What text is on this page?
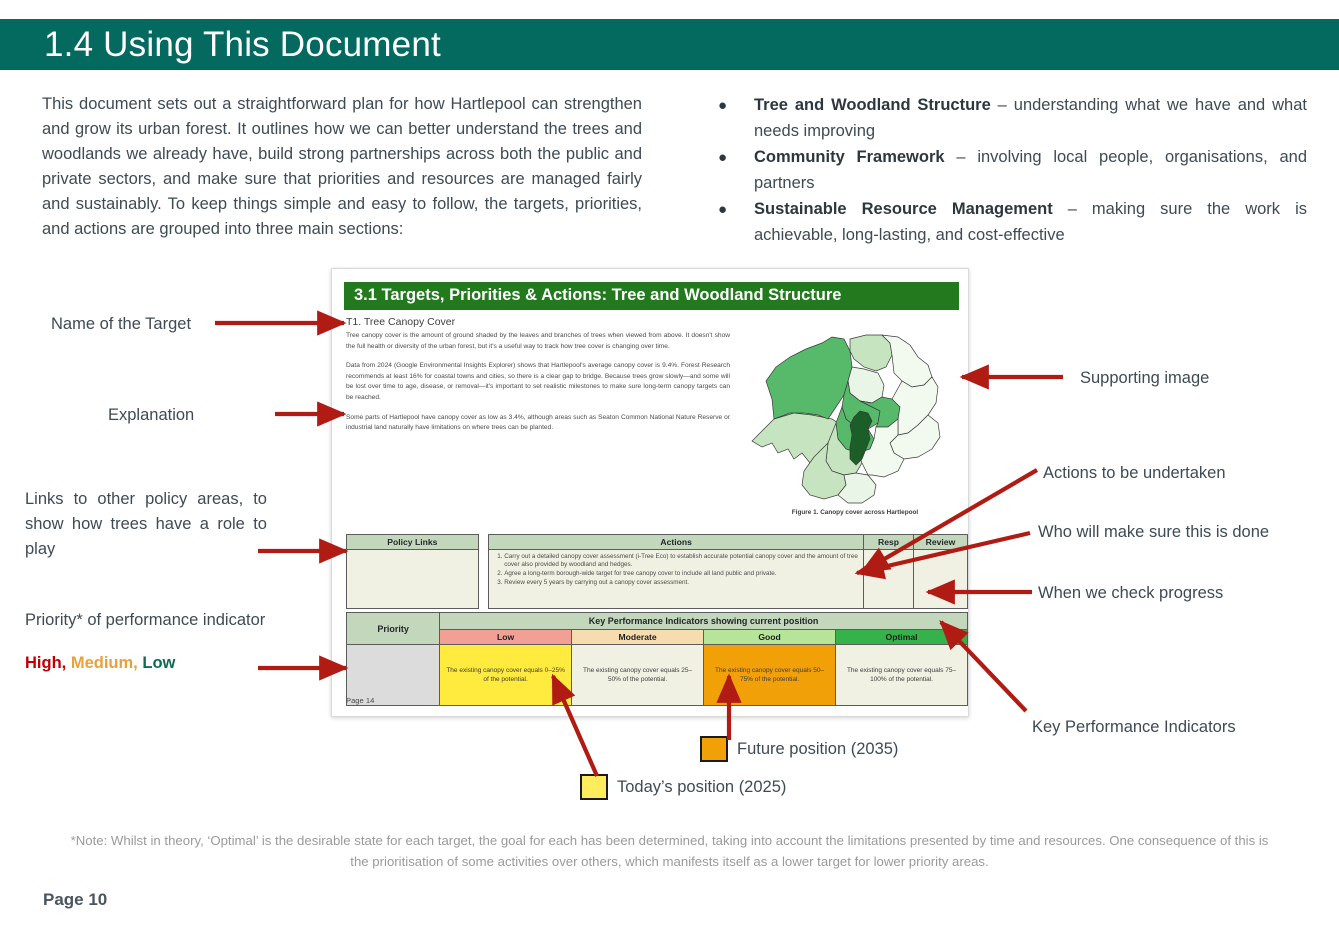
1.4 Using This Document
This document sets out a straightforward plan for how Hartlepool can strengthen and grow its urban forest. It outlines how we can better understand the trees and woodlands we already have, build strong partnerships across both the public and private sectors, and make sure that priorities and resources are managed fairly and sustainably. To keep things simple and easy to follow, the targets, priorities, and actions are grouped into three main sections:
●	Tree and Woodland Structure – understanding what we have and what needs improving
●	Community Framework – involving local people, organisations, and partners
●	Sustainable Resource Management – making sure the work is achievable, long-lasting, and cost-effective
3.1 Targets, Priorities & Actions: Tree and Woodland Structure
T1. Tree Canopy Cover

Tree canopy cover is the amount of ground shaded by the leaves and branches of trees when viewed from above. It doesn't show the full health or diversity of the urban forest, but it's a useful way to track how tree cover is changing over time.

Data from 2024 (Google Environmental Insights Explorer) shows that Hartlepool's average canopy cover is 9.4%. Forest Research recommends at least 16% for coastal towns and cities, so there is a clear gap to bridge. Because trees grow slowly—and some will be lost over time to age, disease, or removal—it's important to set realistic milestones to make sure long-term canopy targets can be reached.

Some parts of Hartlepool have canopy cover as low as 3.4%, although areas such as Seaton Common National Nature Reserve or industrial land naturally have limitations on where trees can be planted.

Figure 1. Canopy cover across Hartlepool
Policy Links		Actions	Resp	Review

1. Carry out a detailed canopy cover assessment (i-Tree Eco) to establish accurate potential canopy cover and the amount of tree cover also provided by woodland and hedges.
2. Agree a long-term borough-wide target for tree canopy cover to include all land public and private.
3. Review every 5 years by carrying out a canopy cover assessment.

Priority	Key Performance Indicators showing current position			
	Low	Moderate	Good	Optimal
	The existing canopy cover equals 0–25% of the potential.	The existing canopy cover equals 25–50% of the potential.	The existing canopy cover equals 50–75% of the potential.	The existing canopy cover equals 75–100% of the potential.
Page 14
Name of the Target
Explanation
Links to other policy areas, to show how trees have a role to play
Priority* of performance indicator
High, Medium, Low
Supporting image
Actions to be undertaken
Who will make sure this is done
When we check progress
Key Performance Indicators
Future position (2035)
Today’s position (2025)
*Note: Whilst in theory, ‘Optimal’ is the desirable state for each target, the goal for each has been determined, taking into account the limitations presented by time and resources. One consequence of this is the prioritisation of some activities over others, which manifests itself as a lower target for lower priority areas.
Page 10
